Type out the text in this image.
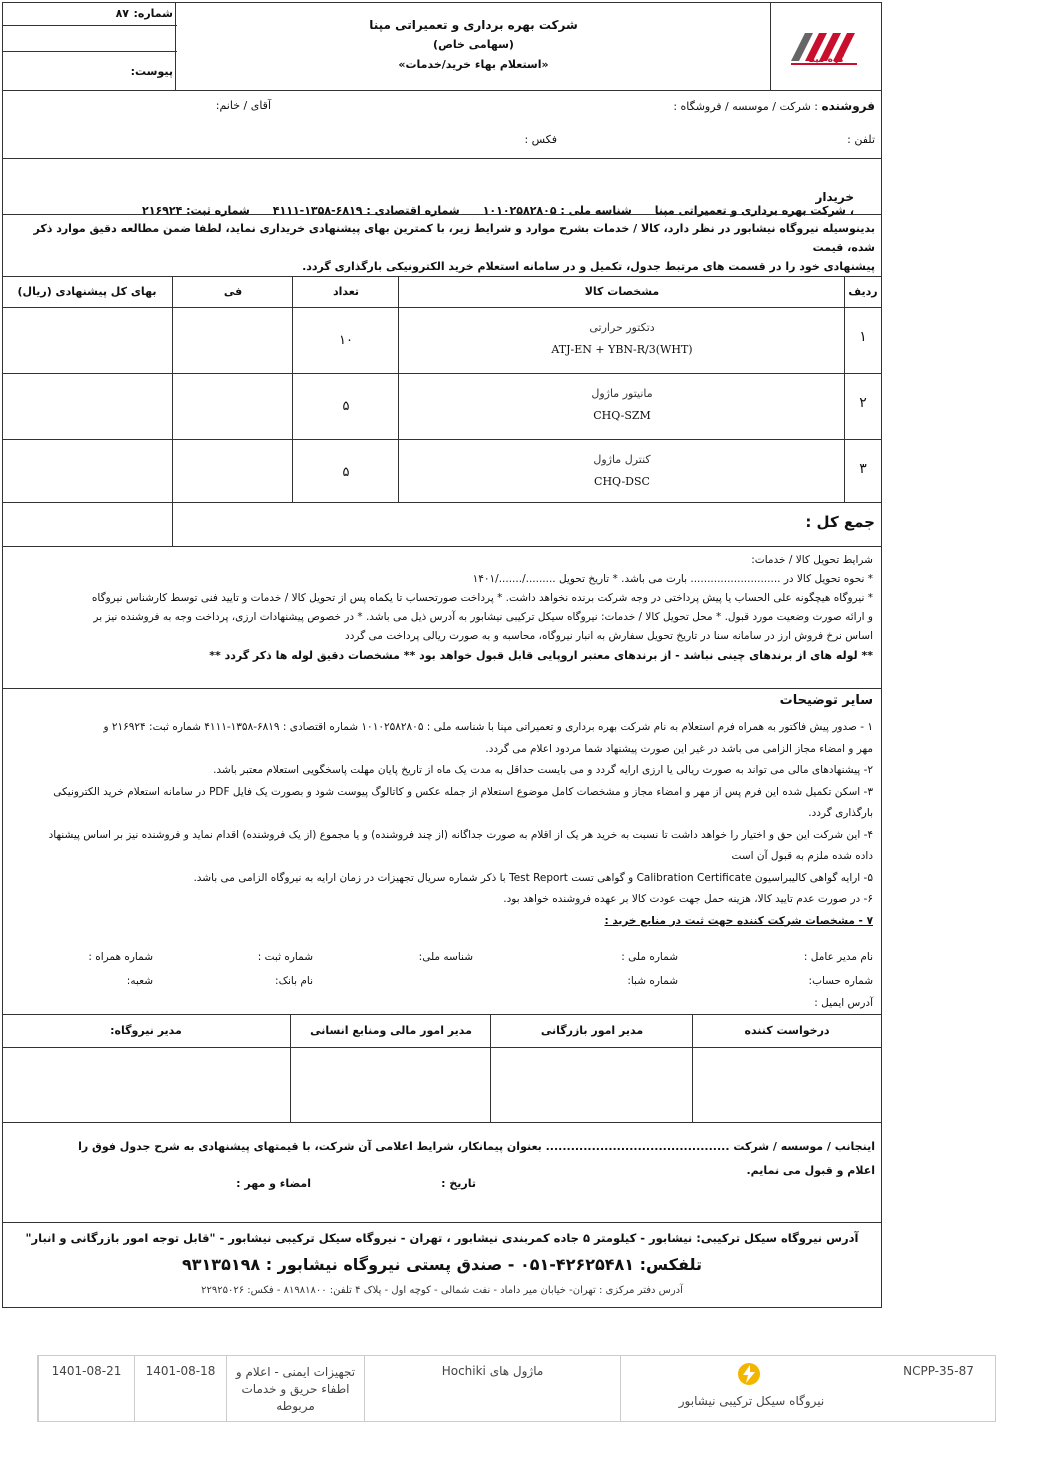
کوه مپنا
شرکت بهره برداری و تعمیراتی مپنا
(سهامی خاص)
«استعلام بهاء خرید/خدمات»
شماره:
۸۷
پیوست:
فروشنده : شرکت / موسسه / فروشگاه :
آقای / خانم:
تلفن :
فکس :

خریدار
، شرکت بهره برداری و تعمیراتی مپنا      شناسه ملی : ۱۰۱۰۲۵۸۲۸۰۵      شماره اقتصادی : ۶۸۱۹-۱۳۵۸-۴۱۱۱      شماره ثبت: ۲۱۶۹۲۴

بدینوسیله نیروگاه نیشابور در نظر دارد، کالا / خدمات بشرح موارد و شرایط زیر، با کمترین بهای پیشنهادی خریداری نماید، لطفا ضمن مطالعه دقیق موارد ذکر شده، قیمت
پیشنهادی خود را در قسمت های مرتبط جدول، تکمیل و در سامانه استعلام خرید الکترونیکی بارگذاری گردد.
ردیف
مشخصات کالا
تعداد
فی
بهای کل پیشنهادی (ریال)
۱
دتکتور حرارتی
ATJ-EN + YBN-R/3(WHT)
۱۰
۲
مانیتور ماژول
CHQ-SZM
۵
۳
کنترل ماژول
CHQ-DSC
۵
جمع کل :
شرایط تحویل کالا / خدمات:
* نحوه تحویل کالا در ........................... بارت می باشد. * تاریخ تحویل ........./......./۱۴۰۱
* نیروگاه هیچگونه علی الحساب یا پیش پرداختی در وجه شرکت برنده نخواهد داشت. * پرداخت صورتحساب تا یکماه پس از تحویل کالا / خدمات و تایید فنی توسط کارشناس نیروگاه
و ارائه صورت وضعیت مورد قبول. * محل تحویل کالا / خدمات: نیروگاه سیکل ترکیبی نیشابور به آدرس ذیل می باشد. * در خصوص پیشنهادات ارزی، پرداخت وجه به فروشنده نیز بر
اساس نرخ فروش ارز در سامانه سنا در تاریخ تحویل سفارش به انبار نیروگاه، محاسبه و به صورت ریالی پرداخت می گردد
** لوله های از برندهای چینی نباشد - از برندهای معتبر اروپایی قابل قبول خواهد بود ** مشخصات دقیق لوله ها ذکر گردد **
سایر توضیحات
۱ - صدور پیش فاکتور به همراه فرم استعلام به نام شرکت بهره برداری و تعمیراتی مپنا با شناسه ملی : ۱۰۱۰۲۵۸۲۸۰۵ شماره اقتصادی : ۶۸۱۹-۱۳۵۸-۴۱۱۱ شماره ثبت: ۲۱۶۹۲۴ و
مهر و امضاء مجاز الزامی می باشد در غیر این صورت پیشنهاد شما مردود اعلام می گردد.
۲- پیشنهادهای مالی می تواند به صورت ریالی یا ارزی ارایه گردد و می بایست حداقل به مدت یک ماه از تاریخ پایان مهلت پاسخگویی استعلام معتبر باشد.
۳- اسکن تکمیل شده این فرم پس از مهر و امضاء مجاز و مشخصات کامل موضوع استعلام از جمله عکس و کاتالوگ پیوست شود و بصورت یک فایل PDF در سامانه استعلام خرید الکترونیکی
بارگذاری گردد.
۴- این شرکت این حق و اختیار را خواهد داشت تا نسبت به خرید هر یک از اقلام به صورت جداگانه (از چند فروشنده) و یا مجموع (از یک فروشنده) اقدام نماید و فروشنده نیز بر اساس پیشنهاد
داده شده ملزم به قبول آن است
۵- ارایه گواهی کالیبراسیون Calibration Certificate و گواهی تست Test Report با ذکر شماره سریال تجهیزات در زمان ارایه به نیروگاه الزامی می باشد.
۶- در صورت عدم تایید کالا، هزینه حمل جهت عودت کالا بر عهده فروشنده خواهد بود.
۷ - مشخصات شرکت کننده جهت ثبت در منابع خرید :
نام مدیر عامل :
شماره ملی :
شناسه ملی:
شماره ثبت :
شماره همراه :
شماره حساب:
شماره شبا:
نام بانک:
شعبه:
آدرس ایمیل :
درخواست کننده
مدیر امور بازرگانی
مدیر امور مالی ومنابع انسانی
مدیر نیروگاه:
اینجانب / موسسه / شرکت ............................................ بعنوان پیمانکار، شرایط اعلامی آن شرکت، با قیمتهای پیشنهادی به شرح جدول فوق را
اعلام و قبول می نمایم.
تاریخ :
امضاء و مهر :
آدرس نیروگاه سیکل ترکیبی: نیشابور - کیلومتر ۵ جاده کمربندی نیشابور ، تهران - نیروگاه سیکل ترکیبی نیشابور - "قابل توجه امور بازرگانی و انبار"
تلفکس: ۴۲۶۲۵۴۸۱-۰۵۱ - صندق پستی نیروگاه نیشابور : ۹۳۱۳۵۱۹۸
آدرس دفتر مرکزی : تهران- خیابان میر داماد - نفت شمالی - کوچه اول - پلاک ۴ تلفن: ۸۱۹۸۱۸۰۰ - فکس: ۲۲۹۲۵۰۲۶
1401-08-21	1401-08-18	تجهیزات ایمنی - اعلام و اطفاء حریق و خدمات مربوطه
ماژول های Hochiki
نیروگاه سیکل ترکیبی نیشابور
NCPP-35-87
